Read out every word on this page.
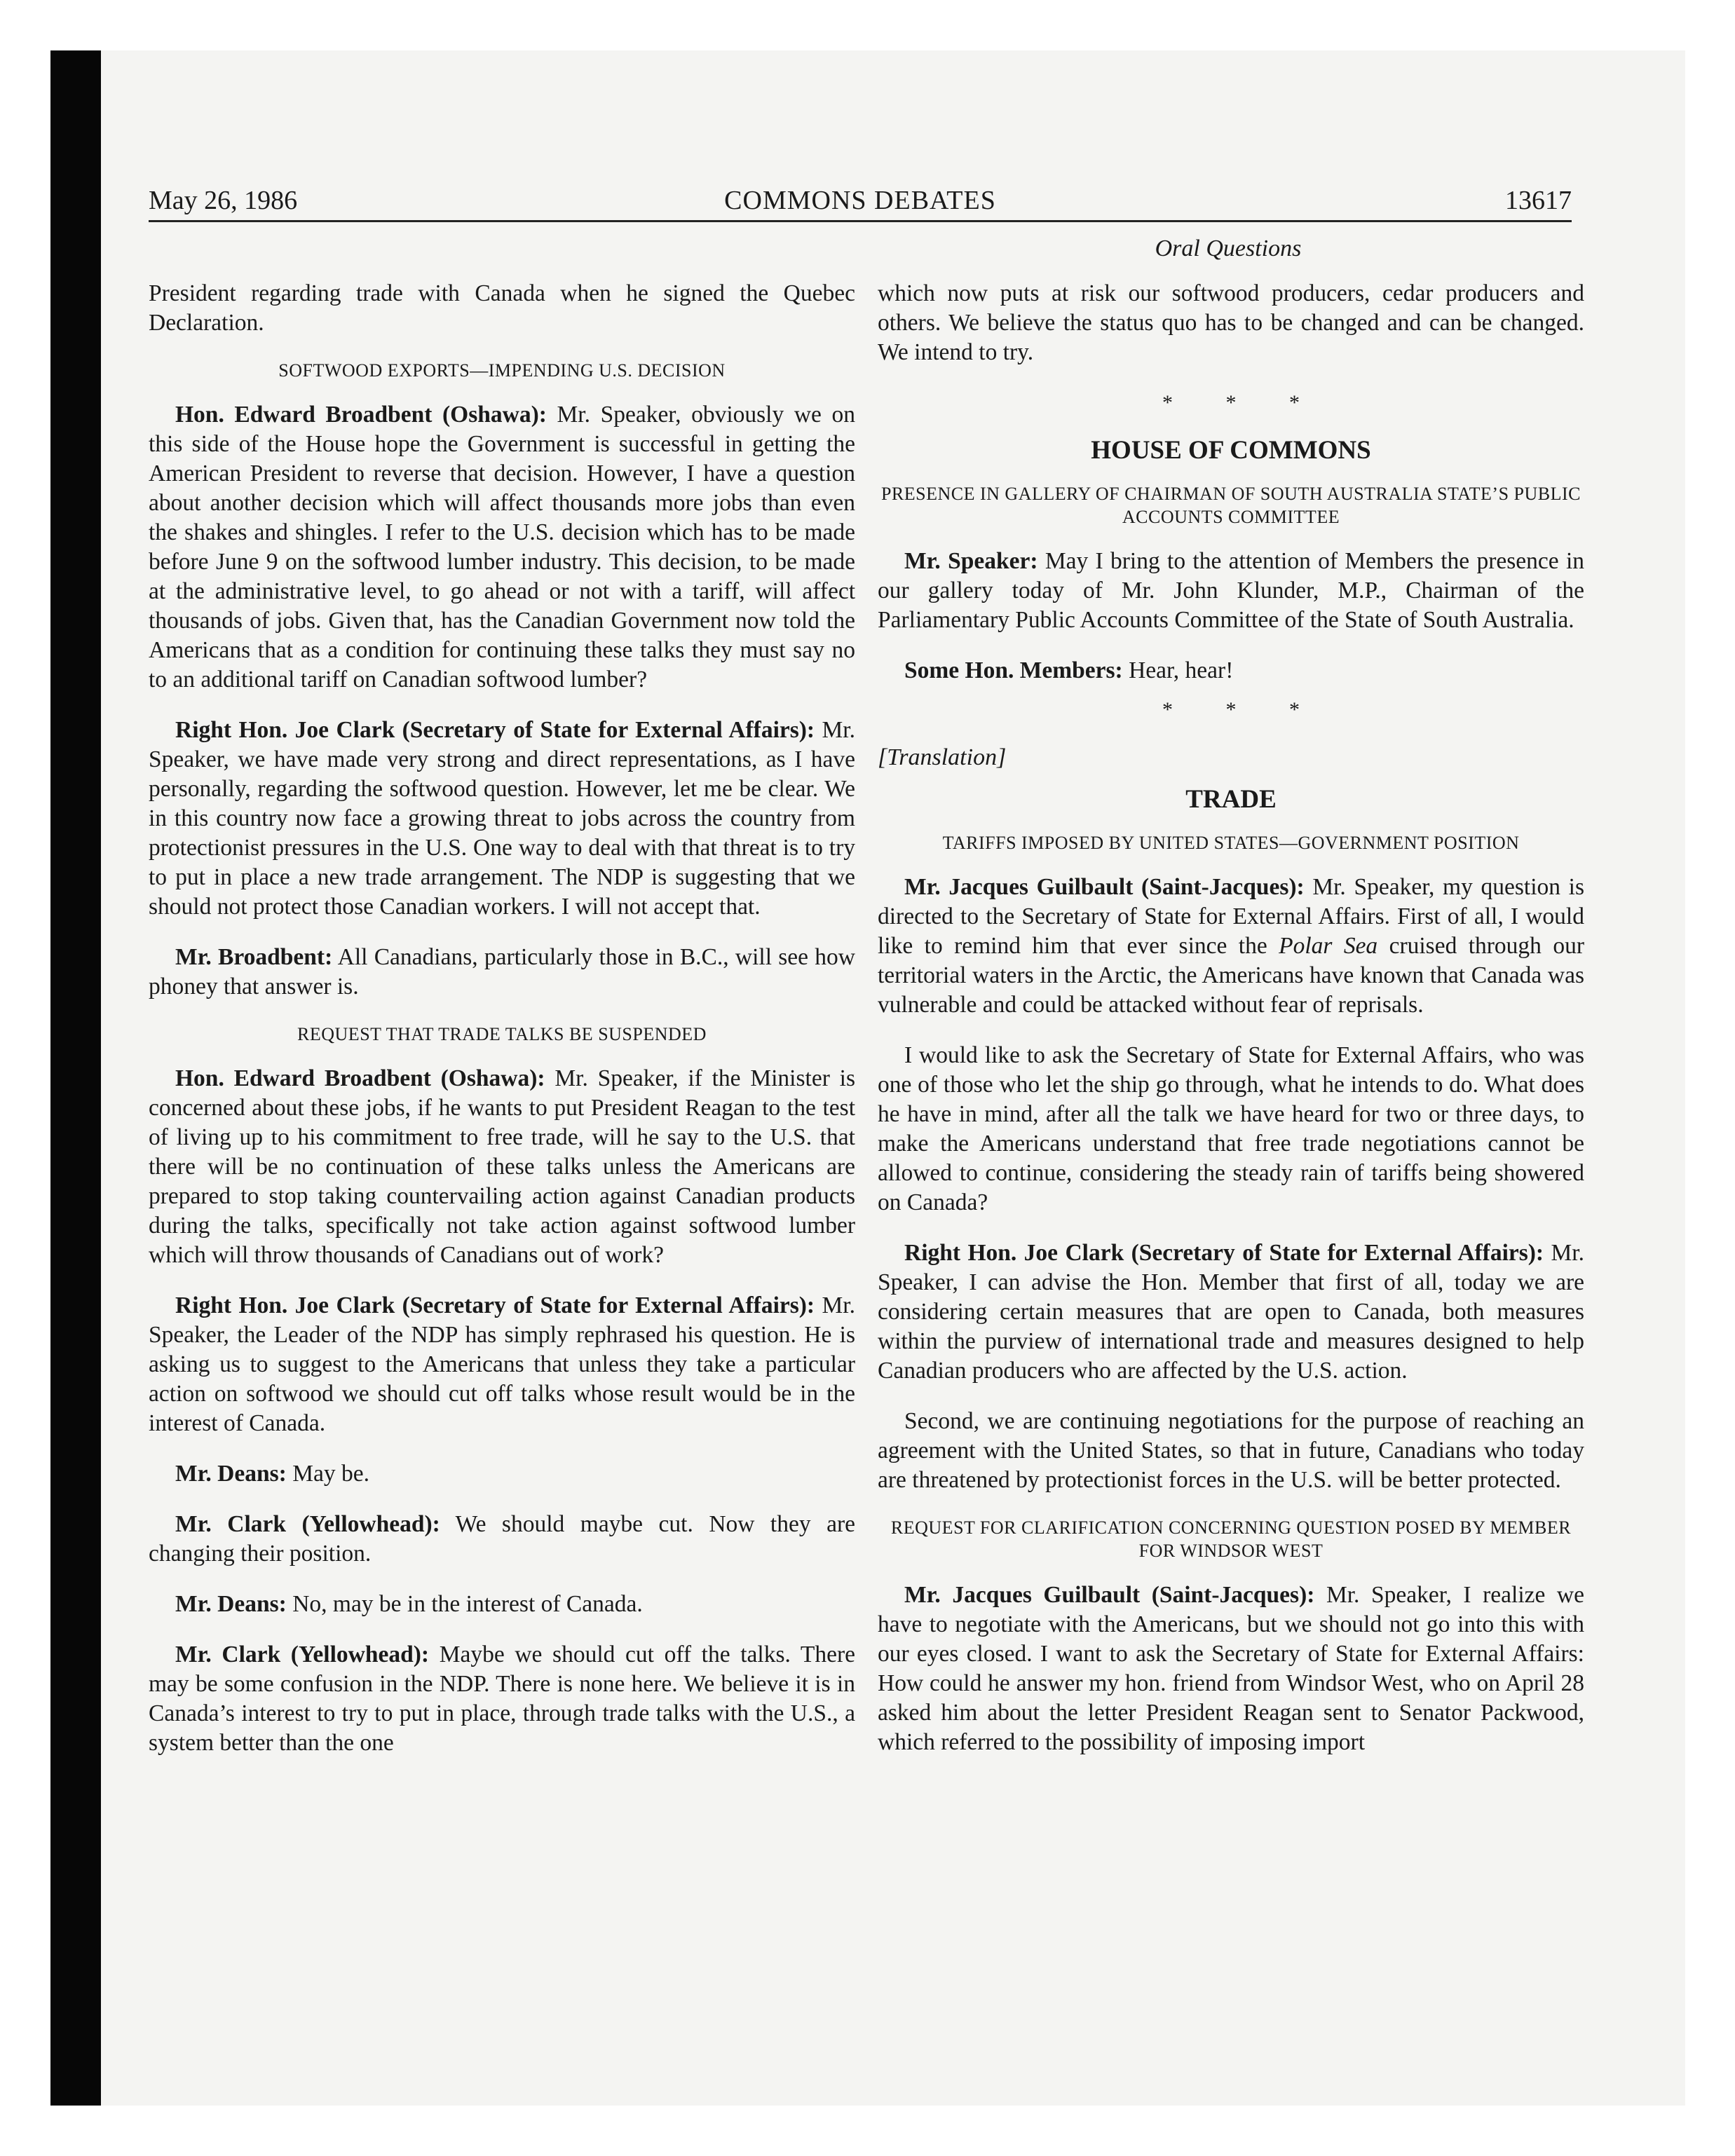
May 26, 1986	COMMONS DEBATES	13617
Oral Questions

President regarding trade with Canada when he signed the Quebec Declaration.

SOFTWOOD EXPORTS—IMPENDING U.S. DECISION

Hon. Edward Broadbent (Oshawa): Mr. Speaker, obviously we on this side of the House hope the Government is successful in getting the American President to reverse that decision. However, I have a question about another decision which will affect thousands more jobs than even the shakes and shingles. I refer to the U.S. decision which has to be made before June 9 on the softwood lumber industry. This decision, to be made at the administrative level, to go ahead or not with a tariff, will affect thousands of jobs. Given that, has the Canadian Government now told the Americans that as a condition for continuing these talks they must say no to an additional tariff on Canadian softwood lumber?

Right Hon. Joe Clark (Secretary of State for External Affairs): Mr. Speaker, we have made very strong and direct representations, as I have personally, regarding the softwood question. However, let me be clear. We in this country now face a growing threat to jobs across the country from protectionist pressures in the U.S. One way to deal with that threat is to try to put in place a new trade arrangement. The NDP is suggesting that we should not protect those Canadian workers. I will not accept that.

Mr. Broadbent: All Canadians, particularly those in B.C., will see how phoney that answer is.

REQUEST THAT TRADE TALKS BE SUSPENDED

Hon. Edward Broadbent (Oshawa): Mr. Speaker, if the Minister is concerned about these jobs, if he wants to put President Reagan to the test of living up to his commitment to free trade, will he say to the U.S. that there will be no continuation of these talks unless the Americans are prepared to stop taking countervailing action against Canadian products during the talks, specifically not take action against softwood lumber which will throw thousands of Canadians out of work?

Right Hon. Joe Clark (Secretary of State for External Affairs): Mr. Speaker, the Leader of the NDP has simply rephrased his question. He is asking us to suggest to the Americans that unless they take a particular action on softwood we should cut off talks whose result would be in the interest of Canada.

Mr. Deans: May be.

Mr. Clark (Yellowhead): We should maybe cut. Now they are changing their position.

Mr. Deans: No, may be in the interest of Canada.

Mr. Clark (Yellowhead): Maybe we should cut off the talks. There may be some confusion in the NDP. There is none here. We believe it is in Canada’s interest to try to put in place, through trade talks with the U.S., a system better than the one

which now puts at risk our softwood producers, cedar producers and others. We believe the status quo has to be changed and can be changed. We intend to try.

* * *
HOUSE OF COMMONS
PRESENCE IN GALLERY OF CHAIRMAN OF SOUTH AUSTRALIA STATE’S PUBLIC ACCOUNTS COMMITTEE

Mr. Speaker: May I bring to the attention of Members the presence in our gallery today of Mr. John Klunder, M.P., Chairman of the Parliamentary Public Accounts Committee of the State of South Australia.

Some Hon. Members: Hear, hear!

* * *
[Translation]
TRADE
TARIFFS IMPOSED BY UNITED STATES—GOVERNMENT POSITION

Mr. Jacques Guilbault (Saint-Jacques): Mr. Speaker, my question is directed to the Secretary of State for External Affairs. First of all, I would like to remind him that ever since the Polar Sea cruised through our territorial waters in the Arctic, the Americans have known that Canada was vulnerable and could be attacked without fear of reprisals.

I would like to ask the Secretary of State for External Affairs, who was one of those who let the ship go through, what he intends to do. What does he have in mind, after all the talk we have heard for two or three days, to make the Americans understand that free trade negotiations cannot be allowed to continue, considering the steady rain of tariffs being showered on Canada?

Right Hon. Joe Clark (Secretary of State for External Affairs): Mr. Speaker, I can advise the Hon. Member that first of all, today we are considering certain measures that are open to Canada, both measures within the purview of international trade and measures designed to help Canadian producers who are affected by the U.S. action.

Second, we are continuing negotiations for the purpose of reaching an agreement with the United States, so that in future, Canadians who today are threatened by protectionist forces in the U.S. will be better protected.

REQUEST FOR CLARIFICATION CONCERNING QUESTION POSED BY MEMBER FOR WINDSOR WEST

Mr. Jacques Guilbault (Saint-Jacques): Mr. Speaker, I realize we have to negotiate with the Americans, but we should not go into this with our eyes closed. I want to ask the Secretary of State for External Affairs: How could he answer my hon. friend from Windsor West, who on April 28 asked him about the letter President Reagan sent to Senator Packwood, which referred to the possibility of imposing import
